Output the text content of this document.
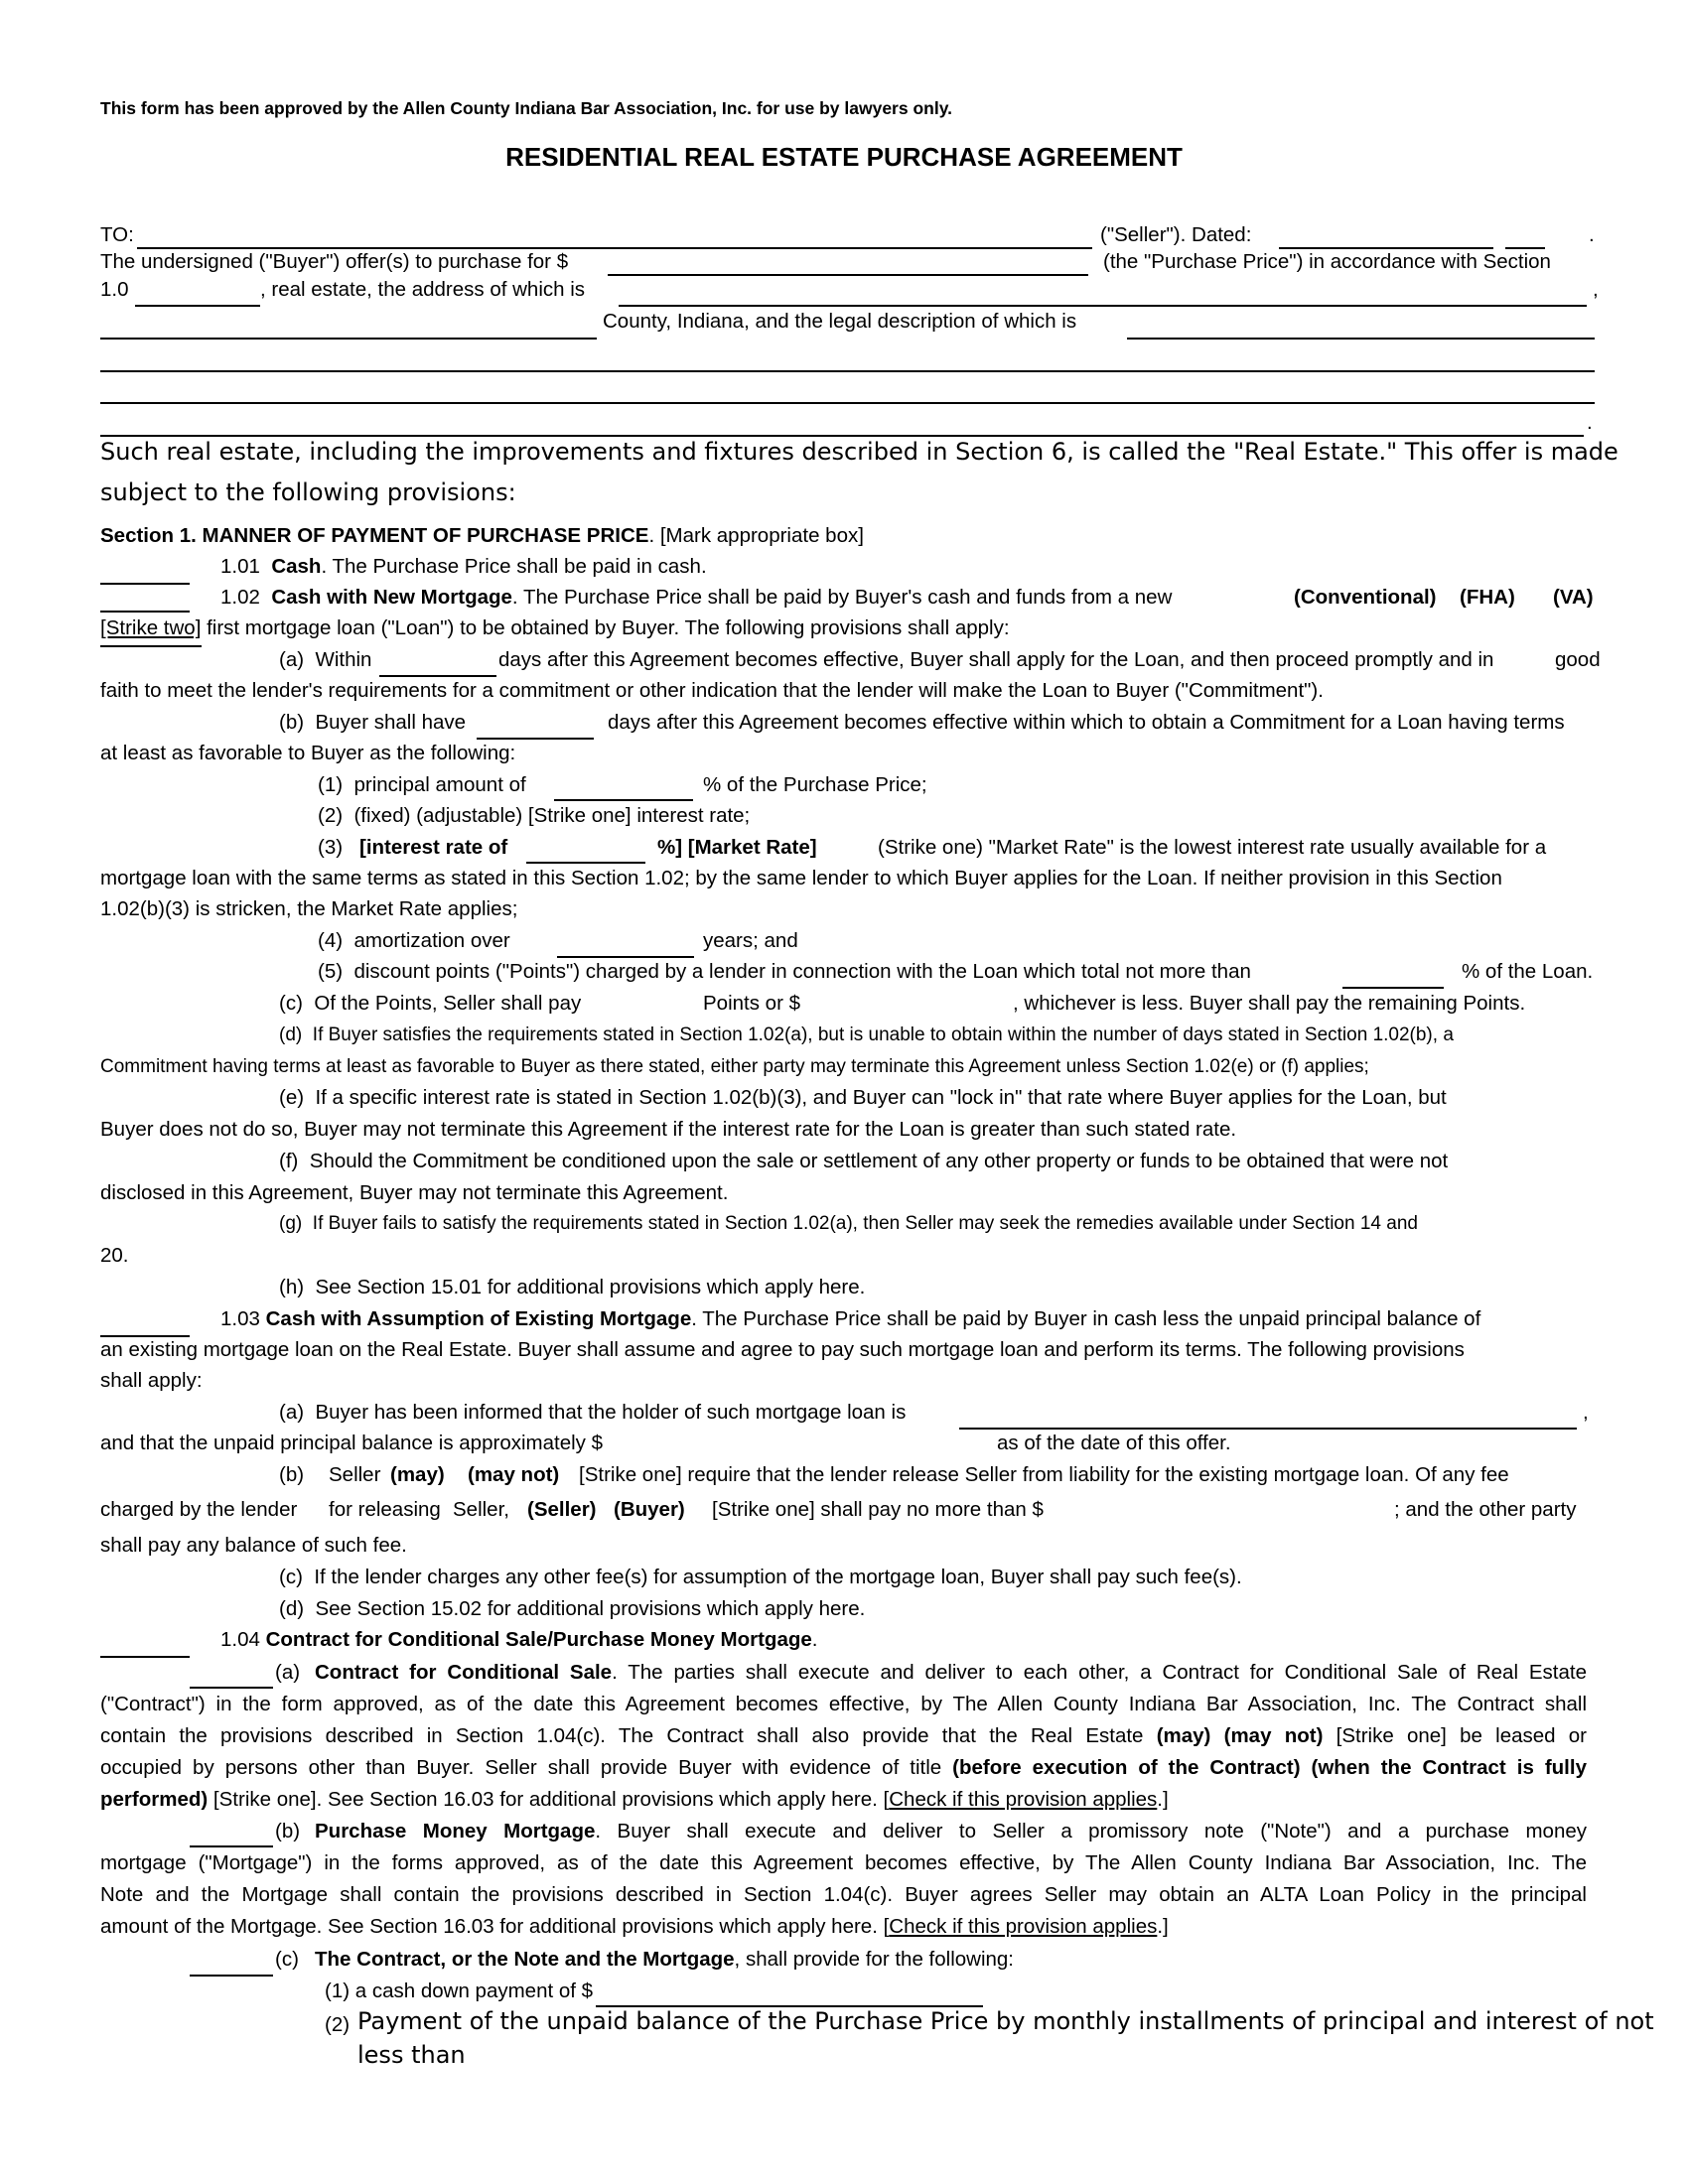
This form has been approved by the Allen County Indiana Bar Association, Inc. for use by lawyers only.
RESIDENTIAL REAL ESTATE PURCHASE AGREEMENT
TO:	("Seller"). Dated:	.
The undersigned ("Buyer") offer(s) to purchase for $	(the "Purchase Price") in accordance with Section
1.0	, real estate, the address of which is	,
County, Indiana, and the legal description of which is
.
Such real estate, including the improvements and fixtures described in Section 6, is called the "Real Estate." This offer is made
subject to the following provisions:
Section 1. MANNER OF PAYMENT OF PURCHASE PRICE. [Mark appropriate box]
1.01 Cash. The Purchase Price shall be paid in cash.
1.02 Cash with New Mortgage. The Purchase Price shall be paid by Buyer's cash and funds from a new	(Conventional) (FHA) (VA)
[Strike two] first mortgage loan ("Loan") to be obtained by Buyer. The following provisions shall apply:
(a) Within	days after this Agreement becomes effective, Buyer shall apply for the Loan, and then proceed promptly and in	good
faith to meet the lender's requirements for a commitment or other indication that the lender will make the Loan to Buyer ("Commitment").
(b) Buyer shall have	days after this Agreement becomes effective within which to obtain a Commitment for a Loan having terms
at least as favorable to Buyer as the following:
(1) principal amount of	% of the Purchase Price;
(2) (fixed) (adjustable) [Strike one] interest rate;
(3) [interest rate of	%] [Market Rate]	(Strike one) "Market Rate" is the lowest interest rate usually available for a
mortgage loan with the same terms as stated in this Section 1.02; by the same lender to which Buyer applies for the Loan. If neither provision in this Section
1.02(b)(3) is stricken, the Market Rate applies;
(4) amortization over	years; and
(5) discount points ("Points") charged by a lender in connection with the Loan which total not more than	% of the Loan.
(c) Of the Points, Seller shall pay	Points or $	, whichever is less. Buyer shall pay the remaining Points.
(d) If Buyer satisfies the requirements stated in Section 1.02(a), but is unable to obtain within the number of days stated in Section 1.02(b), a
Commitment having terms at least as favorable to Buyer as there stated, either party may terminate this Agreement unless Section 1.02(e) or (f) applies;
(e) If a specific interest rate is stated in Section 1.02(b)(3), and Buyer can "lock in" that rate where Buyer applies for the Loan, but
Buyer does not do so, Buyer may not terminate this Agreement if the interest rate for the Loan is greater than such stated rate.
(f) Should the Commitment be conditioned upon the sale or settlement of any other property or funds to be obtained that were not
disclosed in this Agreement, Buyer may not terminate this Agreement.
(g) If Buyer fails to satisfy the requirements stated in Section 1.02(a), then Seller may seek the remedies available under Section 14 and
20.
(h) See Section 15.01 for additional provisions which apply here.
1.03 Cash with Assumption of Existing Mortgage. The Purchase Price shall be paid by Buyer in cash less the unpaid principal balance of
an existing mortgage loan on the Real Estate. Buyer shall assume and agree to pay such mortgage loan and perform its terms. The following provisions
shall apply:
(a) Buyer has been informed that the holder of such mortgage loan is	,
and that the unpaid principal balance is approximately $	as of the date of this offer.
(b) Seller (may) (may not) [Strike one] require that the lender release Seller from liability for the existing mortgage loan. Of any fee
charged by the lender for releasing Seller, (Seller) (Buyer) [Strike one] shall pay no more than $	; and the other party
shall pay any balance of such fee.
(c) If the lender charges any other fee(s) for assumption of the mortgage loan, Buyer shall pay such fee(s).
(d) See Section 15.02 for additional provisions which apply here.
1.04 Contract for Conditional Sale/Purchase Money Mortgage.
(a) Contract for Conditional Sale. The parties shall execute and deliver to each other, a Contract for Conditional Sale of Real Estate
("Contract") in the form approved, as of the date this Agreement becomes effective, by The Allen County Indiana Bar Association, Inc. The Contract shall
contain the provisions described in Section 1.04(c). The Contract shall also provide that the Real Estate (may) (may not) [Strike one] be leased or
occupied by persons other than Buyer. Seller shall provide Buyer with evidence of title (before execution of the Contract) (when the Contract is fully
performed) [Strike one]. See Section 16.03 for additional provisions which apply here. [Check if this provision applies.]
(b) Purchase Money Mortgage. Buyer shall execute and deliver to Seller a promissory note ("Note") and a purchase money
mortgage ("Mortgage") in the forms approved, as of the date this Agreement becomes effective, by The Allen County Indiana Bar Association, Inc. The
Note and the Mortgage shall contain the provisions described in Section 1.04(c). Buyer agrees Seller may obtain an ALTA Loan Policy in the principal
amount of the Mortgage. See Section 16.03 for additional provisions which apply here. [Check if this provision applies.]
(c) The Contract, or the Note and the Mortgage, shall provide for the following:
(1) a cash down payment of $
(2) Payment of the unpaid balance of the Purchase Price by monthly installments of principal and interest of not
less than
